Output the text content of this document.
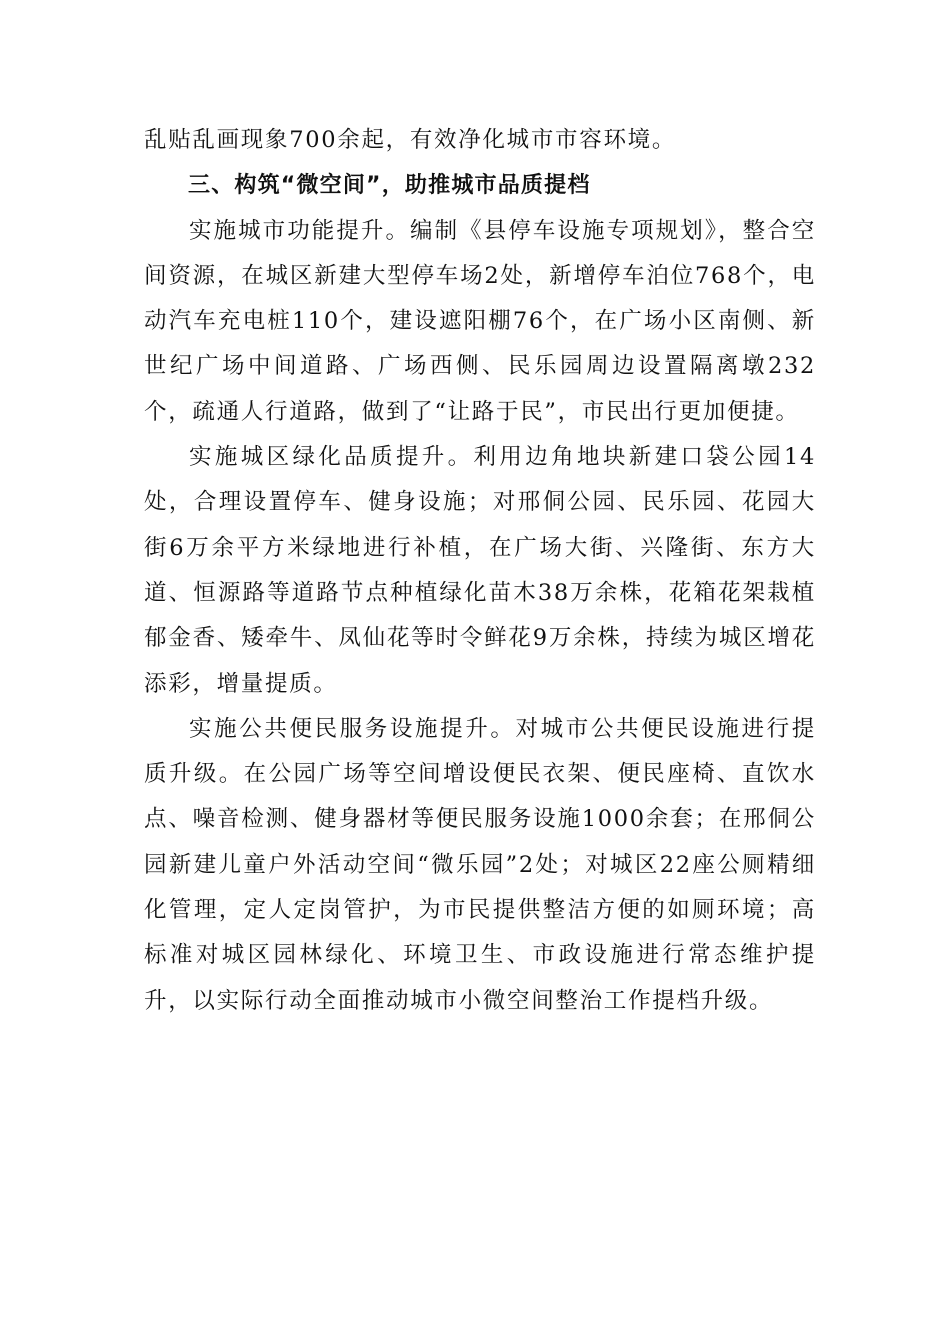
乱贴乱画现象700余起，有效净化城市市容环境。

三、构筑“微空间”，助推城市品质提档

实施城市功能提升。编制《县停车设施专项规划》，整合空间资源，在城区新建大型停车场2处，新增停车泊位768个，电动汽车充电桩110个，建设遮阳棚76个，在广场小区南侧、新世纪广场中间道路、广场西侧、民乐园周边设置隔离墩232个，疏通人行道路，做到了“让路于民”，市民出行更加便捷。

实施城区绿化品质提升。利用边角地块新建口袋公园14处，合理设置停车、健身设施；对邢侗公园、民乐园、花园大街6万余平方米绿地进行补植，在广场大街、兴隆街、东方大道、恒源路等道路节点种植绿化苗木38万余株，花箱花架栽植郁金香、矮牵牛、凤仙花等时令鲜花9万余株，持续为城区增花添彩，增量提质。

实施公共便民服务设施提升。对城市公共便民设施进行提质升级。在公园广场等空间增设便民衣架、便民座椅、直饮水点、噪音检测、健身器材等便民服务设施1000余套；在邢侗公园新建儿童户外活动空间“微乐园”2处；对城区22座公厕精细化管理，定人定岗管护，为市民提供整洁方便的如厕环境；高标准对城区园林绿化、环境卫生、市政设施进行常态维护提升，以实际行动全面推动城市小微空间整治工作提档升级。
